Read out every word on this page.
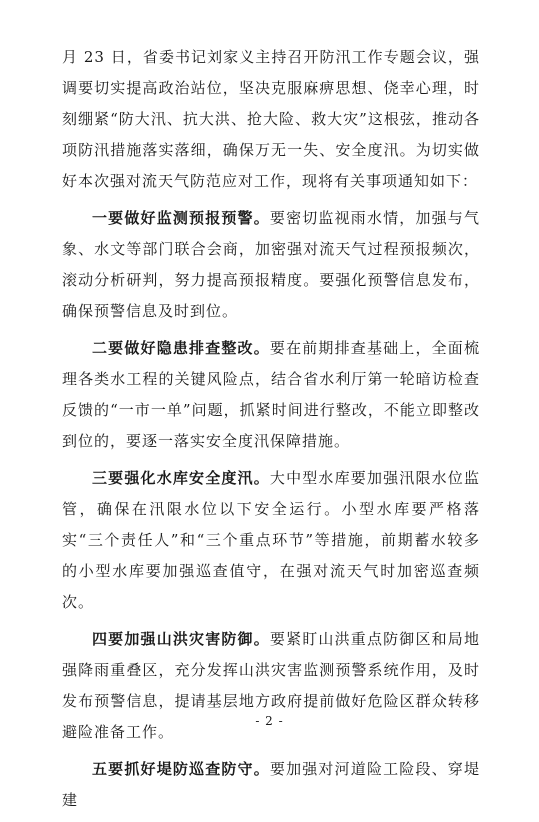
月 23 日，省委书记刘家义主持召开防汛工作专题会议，强调要切实提高政治站位，坚决克服麻痹思想、侥幸心理，时刻绷紧“防大汛、抗大洪、抢大险、救大灾”这根弦，推动各项防汛措施落实落细，确保万无一失、安全度汛。为切实做好本次强对流天气防范应对工作，现将有关事项通知如下：

一要做好监测预报预警。要密切监视雨水情，加强与气象、水文等部门联合会商，加密强对流天气过程预报频次，滚动分析研判，努力提高预报精度。要强化预警信息发布，确保预警信息及时到位。

二要做好隐患排查整改。要在前期排查基础上，全面梳理各类水工程的关键风险点，结合省水利厅第一轮暗访检查反馈的“一市一单”问题，抓紧时间进行整改，不能立即整改到位的，要逐一落实安全度汛保障措施。

三要强化水库安全度汛。大中型水库要加强汛限水位监管，确保在汛限水位以下安全运行。小型水库要严格落实“三个责任人”和“三个重点环节”等措施，前期蓄水较多的小型水库要加强巡查值守，在强对流天气时加密巡查频次。

四要加强山洪灾害防御。要紧盯山洪重点防御区和局地强降雨重叠区，充分发挥山洪灾害监测预警系统作用，及时发布预警信息，提请基层地方政府提前做好危险区群众转移避险准备工作。

五要抓好堤防巡查防守。要加强对河道险工险段、穿堤建

- 2 -
